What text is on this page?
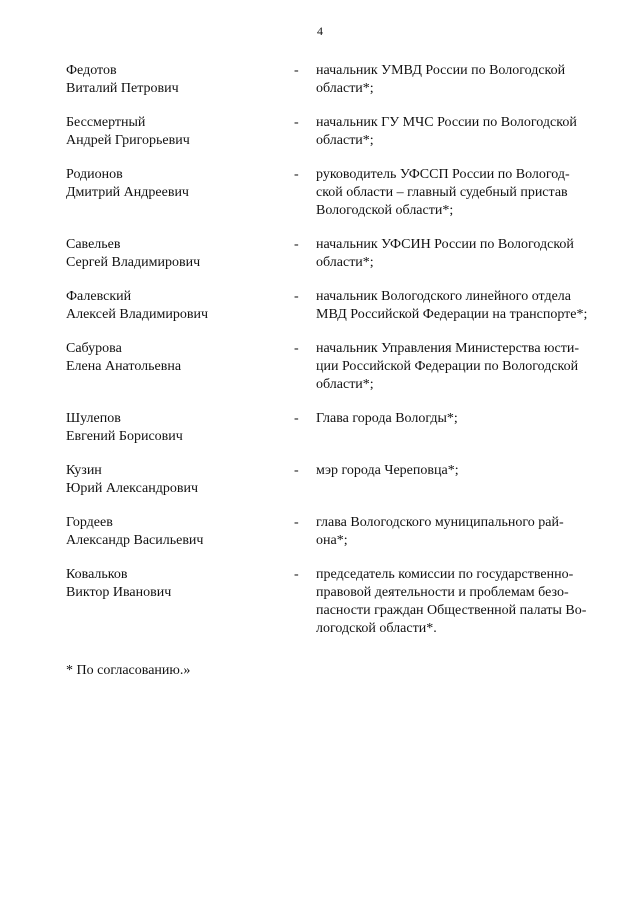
4
Федотов
Виталий Петрович
- начальник УМВД России по Вологодской
области*;
Бессмертный
Андрей Григорьевич
- начальник ГУ МЧС России по Вологодской
области*;
Родионов
Дмитрий Андреевич
- руководитель УФССП России по Вологод-
ской области – главный судебный пристав
Вологодской области*;
Савельев
Сергей Владимирович
- начальник УФСИН России по Вологодской
области*;
Фалевский
Алексей Владимирович
- начальник Вологодского линейного отдела
МВД Российской Федерации на транспорте*;
Сабурова
Елена Анатольевна
- начальник Управления Министерства юсти-
ции Российской Федерации по Вологодской
области*;
Шулепов
Евгений Борисович
- Глава города Вологды*;
Кузин
Юрий Александрович
- мэр города Череповца*;
Гордеев
Александр Васильевич
- глава Вологодского муниципального рай-
она*;
Ковальков
Виктор Иванович
- председатель комиссии по государственно-
правовой деятельности и проблемам безо-
пасности граждан Общественной палаты Во-
логодской области*.
* По согласованию.»
